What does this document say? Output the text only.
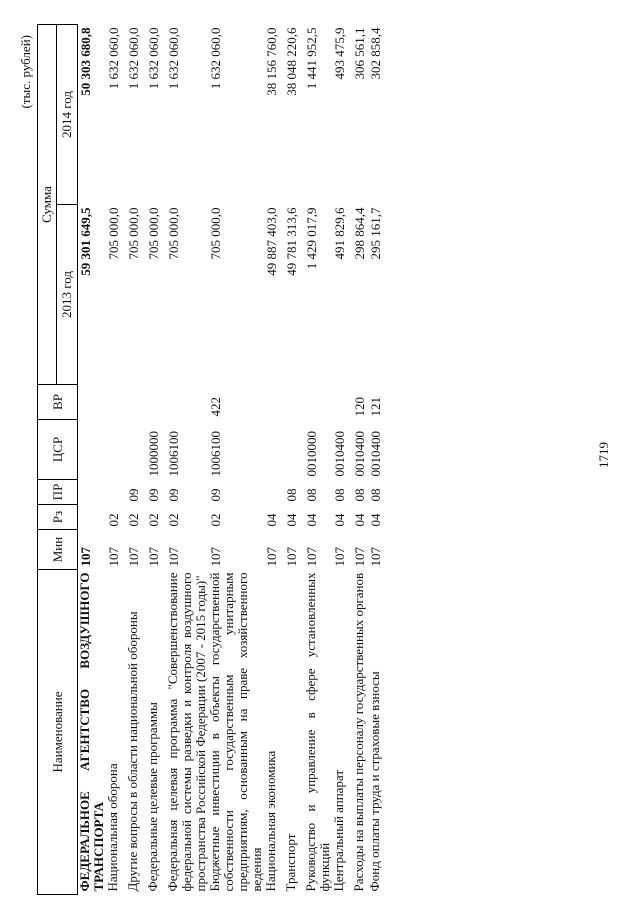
(тыс. рублей)
Наименование	Мин	Рз	ПР	ЦСР	ВР	Сумма	
						2013 год	2014 год
ФЕДЕРАЛЬНОЕ АГЕНТСТВО ВОЗДУШНОГО ТРАНСПОРТА	107					59 301 649,5	50 303 680,8
Национальная оборона	107	02				705 000,0	1 632 060,0
Другие вопросы в области национальной обороны	107	02	09			705 000,0	1 632 060,0
Федеральные целевые программы	107	02	09	1000000		705 000,0	1 632 060,0
Федеральная целевая программа "Совершенствование федеральной системы разведки и контроля воздушного пространства Российской Федерации (2007 - 2015 годы)"	107	02	09	1006100		705 000,0	1 632 060,0
Бюджетные инвестиции в объекты государственной собственности государственным унитарным предприятиям, основанным на праве хозяйственного ведения	107	02	09	1006100	422	705 000,0	1 632 060,0
Национальная экономика	107	04				49 887 403,0	38 156 760,0
Транспорт	107	04	08			49 781 313,6	38 048 220,6
Руководство и управление в сфере установленных функций	107	04	08	0010000		1 429 017,9	1 441 952,5
Центральный аппарат	107	04	08	0010400		491 829,6	493 475,9
Расходы на выплаты персоналу государственных органов	107	04	08	0010400	120	298 864,4	306 561,1
Фонд оплаты труда и страховые взносы	107	04	08	0010400	121	295 161,7	302 858,4
1719
